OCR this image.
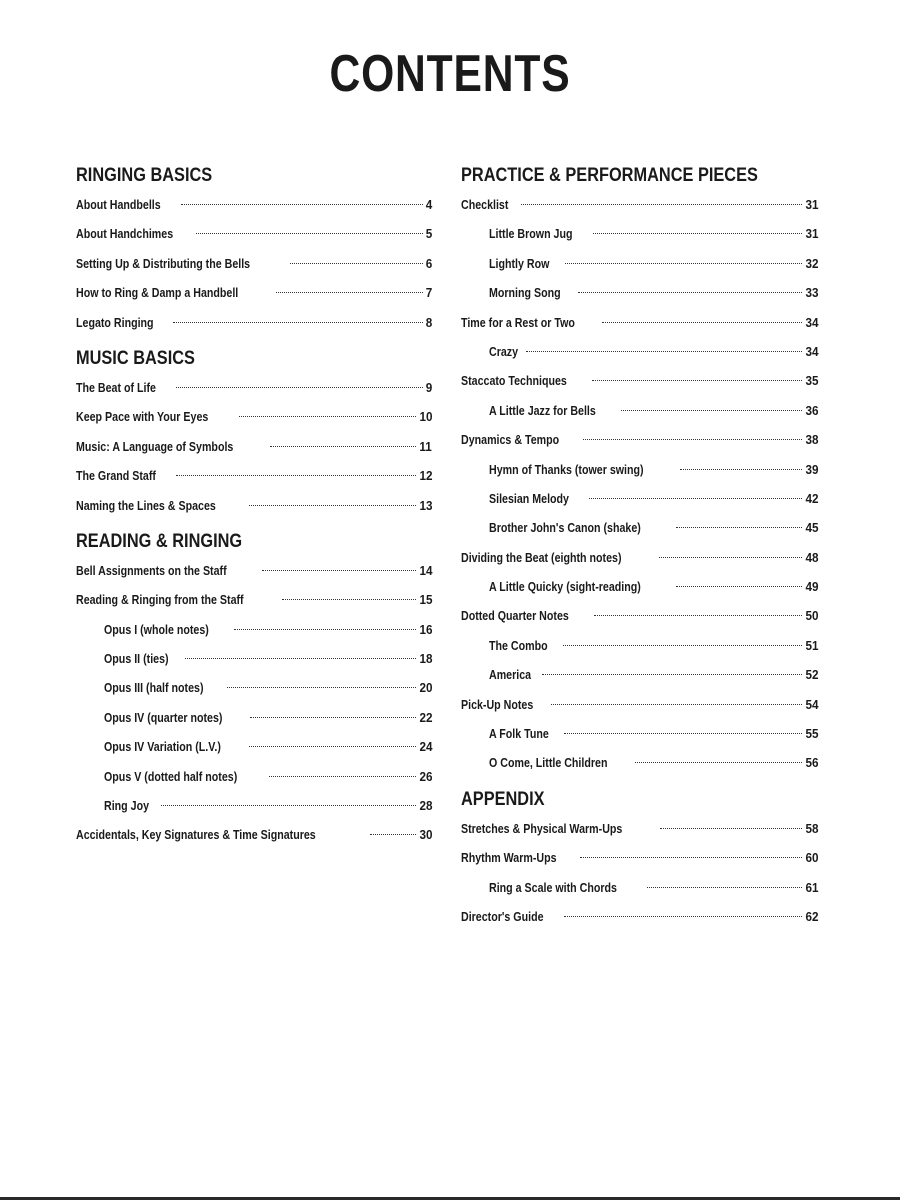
CONTENTS
RINGING BASICS
About Handbells	4
About Handchimes	5
Setting Up & Distributing the Bells	6
How to Ring & Damp a Handbell	7
Legato Ringing	8
MUSIC BASICS
The Beat of Life	9
Keep Pace with Your Eyes	10
Music: A Language of Symbols	11
The Grand Staff	12
Naming the Lines & Spaces	13
READING & RINGING
Bell Assignments on the Staff	14
Reading & Ringing from the Staff	15
Opus I (whole notes)	16
Opus II (ties)	18
Opus III (half notes)	20
Opus IV (quarter notes)	22
Opus IV Variation (L.V.)	24
Opus V (dotted half notes)	26
Ring Joy	28
Accidentals, Key Signatures & Time Signatures	30
PRACTICE & PERFORMANCE PIECES
Checklist	31
Little Brown Jug	31
Lightly Row	32
Morning Song	33
Time for a Rest or Two	34
Crazy	34
Staccato Techniques	35
A Little Jazz for Bells	36
Dynamics & Tempo	38
Hymn of Thanks (tower swing)	39
Silesian Melody	42
Brother John's Canon (shake)	45
Dividing the Beat (eighth notes)	48
A Little Quicky (sight-reading)	49
Dotted Quarter Notes	50
The Combo	51
America	52
Pick-Up Notes	54
A Folk Tune	55
O Come, Little Children	56
APPENDIX
Stretches & Physical Warm-Ups	58
Rhythm Warm-Ups	60
Ring a Scale with Chords	61
Director's Guide	62
